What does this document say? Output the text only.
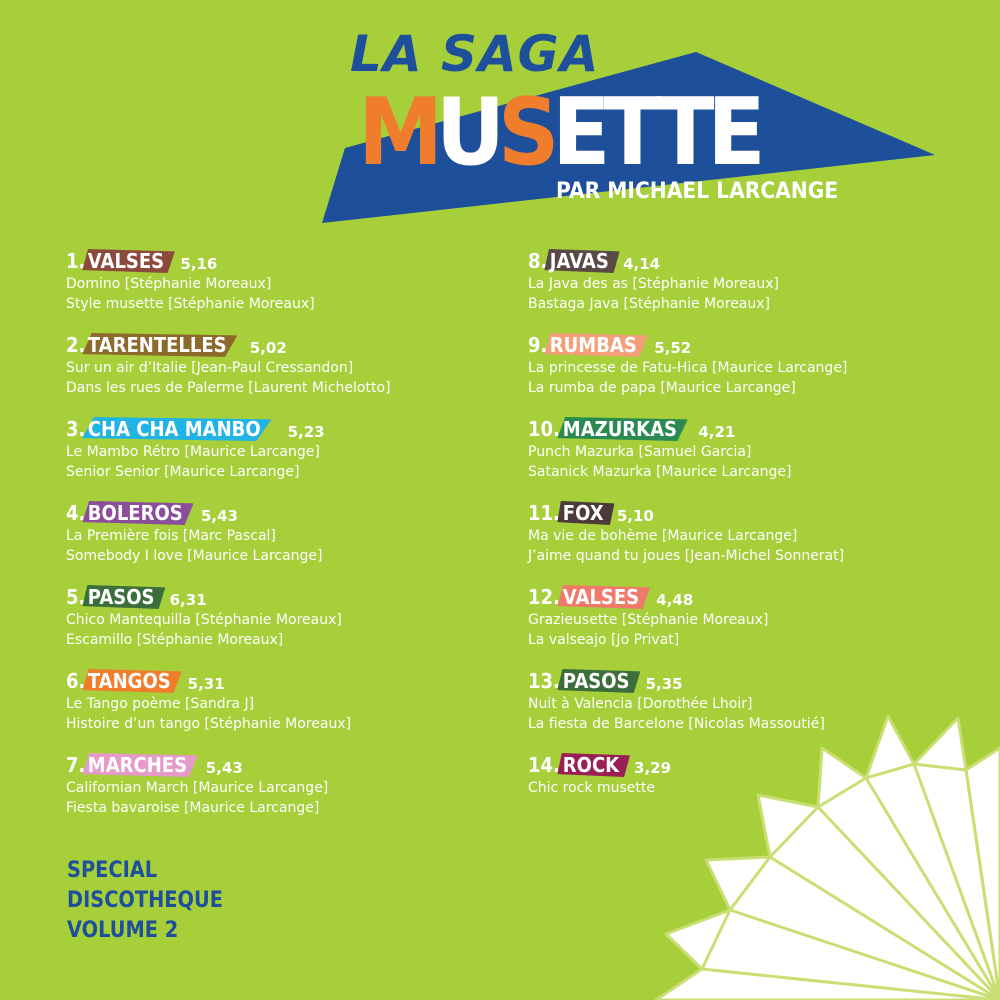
LA SAGA
MUSETTE
PAR MICHAEL LARCANGE
1. VALSES	5,16

Domino [Stéphanie Moreaux]

Style musette [Stéphanie Moreaux]

2. TARENTELLES	5,02

Sur un air d’Italie [Jean-Paul Cressandon]

Dans les rues de Palerme [Laurent Michelotto]

3. CHA CHA MANBO	5,23

Le Mambo Rétro [Maurice Larcange]

Senior Senior [Maurice Larcange]

4. BOLEROS	5,43

La Première fois [Marc Pascal]

Somebody I love [Maurice Larcange]

5. PASOS	6,31

Chico Mantequilla [Stéphanie Moreaux]

Escamillo [Stéphanie Moreaux]

6. TANGOS	5,31

Le Tango poème [Sandra J]

Histoire d’un tango [Stéphanie Moreaux]

7. MARCHES	5,43

Californian March [Maurice Larcange]

Fiesta bavaroise [Maurice Larcange]

8. JAVAS 4,14

La Java des as [Stéphanie Moreaux]

Bastaga Java [Stéphanie Moreaux]

9. RUMBAS	5,52

La princesse de Fatu-Hica [Maurice Larcange]

La rumba de papa [Maurice Larcange]

10. MAZURKAS	4,21

Punch Mazurka [Samuel Garcia]

Satanick Mazurka [Maurice Larcange]

11. FOX 5,10

Ma vie de bohème [Maurice Larcange]

J’aime quand tu joues [Jean-Michel Sonnerat]

12. VALSES	4,48

Grazieusette [Stéphanie Moreaux]

La valseajo [Jo Privat]

13. PASOS	5,35

Nuit à Valencia [Dorothée Lhoir]

La fiesta de Barcelone [Nicolas Massoutié]

14. ROCK 3,29

Chic rock musette

SPECIAL
DISCOTHEQUE
VOLUME 2
